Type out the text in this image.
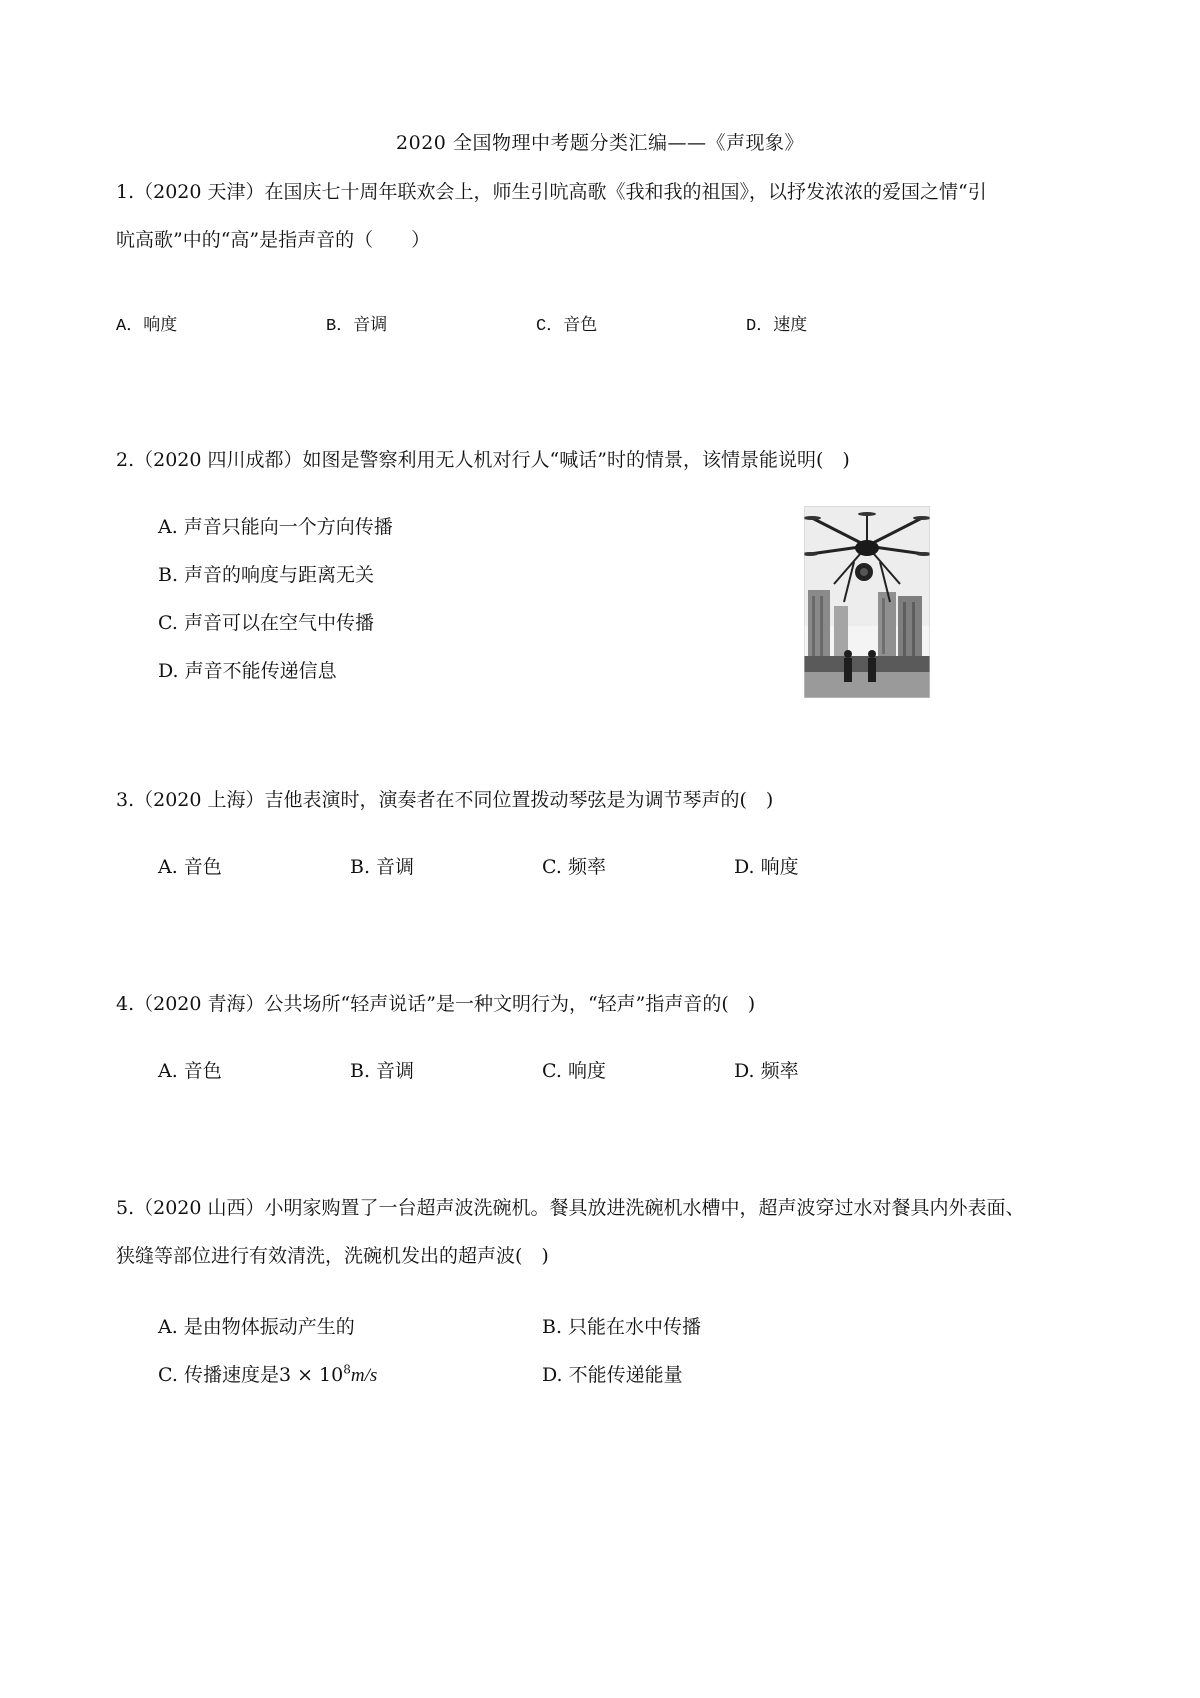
2020 全国物理中考题分类汇编——《声现象》
1.（2020 天津）在国庆七十周年联欢会上，师生引吭高歌《我和我的祖国》，以抒发浓浓的爱国之情“引
吭高歌”中的“高”是指声音的（　　）
A．响度	B．音调	C．音色	D．速度
2.（2020 四川成都）如图是警察利用无人机对行人“喊话”时的情景，该情景能说明(　)
A. 声音只能向一个方向传播
B. 声音的响度与距离无关
C. 声音可以在空气中传播
D. 声音不能传递信息
3.（2020 上海）吉他表演时，演奏者在不同位置拨动琴弦是为调节琴声的(　)
A. 音色	B. 音调	C. 频率	D. 响度
4.（2020 青海）公共场所“轻声说话”是一种文明行为，“轻声”指声音的(　)
A. 音色	B. 音调	C. 响度	D. 频率
5.（2020 山西）小明家购置了一台超声波洗碗机。餐具放进洗碗机水槽中，超声波穿过水对餐具内外表面、
狭缝等部位进行有效清洗，洗碗机发出的超声波(　)
A. 是由物体振动产生的	B. 只能在水中传播
C. 传播速度是$3 \times 10^8m/s$	D. 不能传递能量
